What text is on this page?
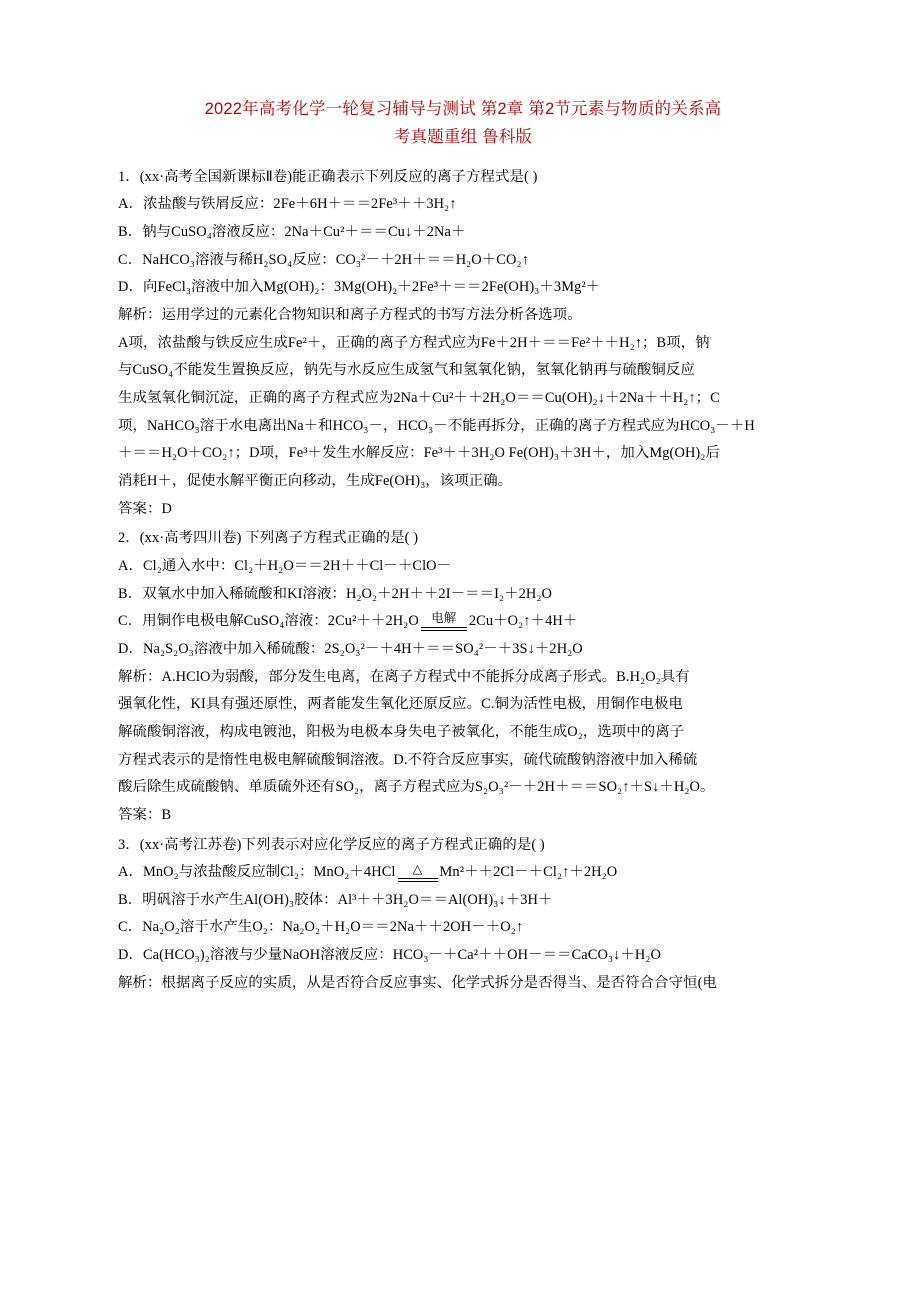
2022年高考化学一轮复习辅导与测试 第2章 第2节元素与物质的关系高
考真题重组 鲁科版

1．(xx·高考全国新课标Ⅱ卷)能正确表示下列反应的离子方程式是( )

A．浓盐酸与铁屑反应：2Fe＋6H＋＝＝2Fe³＋＋3H₂↑

B．钠与CuSO₄溶液反应：2Na＋Cu²＋＝＝Cu↓＋2Na＋

C．NaHCO₃溶液与稀H₂SO₄反应：CO₃²－＋2H＋＝＝H₂O＋CO₂↑

D．向FeCl₃溶液中加入Mg(OH)₂：3Mg(OH)₂＋2Fe³＋＝＝2Fe(OH)₃＋3Mg²＋

解析：运用学过的元素化合物知识和离子方程式的书写方法分析各选项。

A项，浓盐酸与铁反应生成Fe²＋，正确的离子方程式应为Fe＋2H＋＝＝Fe²＋＋H₂↑；B项，钠

与CuSO₄不能发生置换反应，钠先与水反应生成氢气和氢氧化钠，氢氧化钠再与硫酸铜反应

生成氢氧化铜沉淀，正确的离子方程式应为2Na＋Cu²＋＋2H₂O＝＝Cu(OH)₂↓＋2Na＋＋H₂↑；C

项，NaHCO₃溶于水电离出Na＋和HCO₃－，HCO₃－不能再拆分，正确的离子方程式应为HCO₃－＋H

＋＝＝H₂O＋CO₂↑；D项，Fe³＋发生水解反应：Fe³＋＋3H₂O Fe(OH)₃＋3H＋，加入Mg(OH)₂后

消耗H＋，促使水解平衡正向移动，生成Fe(OH)₃，该项正确。

答案：D

2．(xx·高考四川卷) 下列离子方程式正确的是( )

A．Cl₂通入水中：Cl₂＋H₂O＝＝2H＋＋Cl－＋ClO－

B．双氧水中加入稀硫酸和KI溶液：H₂O₂＋2H＋＋2I－＝＝I₂＋2H₂O

C．用铜作电极电解CuSO₄溶液：2Cu²＋＋2H₂O 电解 2Cu＋O₂↑＋4H＋

D．Na₂S₂O₃溶液中加入稀硫酸：2S₂O₃²－＋4H＋＝＝SO₄²－＋3S↓＋2H₂O

解析：A.HClO为弱酸，部分发生电离，在离子方程式中不能拆分成离子形式。B.H₂O₂具有

强氧化性，KI具有强还原性，两者能发生氧化还原反应。C.铜为活性电极，用铜作电极电

解硫酸铜溶液，构成电镀池，阳极为电极本身失电子被氧化，不能生成O₂，选项中的离子

方程式表示的是惰性电极电解硫酸铜溶液。D.不符合反应事实，硫代硫酸钠溶液中加入稀硫

酸后除生成硫酸钠、单质硫外还有SO₂，离子方程式应为S₂O₃²－＋2H＋＝＝SO₂↑＋S↓＋H₂O。

答案：B

3．(xx·高考江苏卷)下列表示对应化学反应的离子方程式正确的是( )

A．MnO₂与浓盐酸反应制Cl₂：MnO₂＋4HCl	△	Mn²＋＋2Cl－＋Cl₂↑＋2H₂O

B．明矾溶于水产生Al(OH)₃胶体：Al³＋＋3H₂O＝＝Al(OH)₃↓＋3H＋

C．Na₂O₂溶于水产生O₂：Na₂O₂＋H₂O＝＝2Na＋＋2OH－＋O₂↑

D．Ca(HCO₃)₂溶液与少量NaOH溶液反应：HCO₃－＋Ca²＋＋OH－＝＝CaCO₃↓＋H₂O

解析：根据离子反应的实质，从是否符合反应事实、化学式拆分是否得当、是否符合合守恒(电
